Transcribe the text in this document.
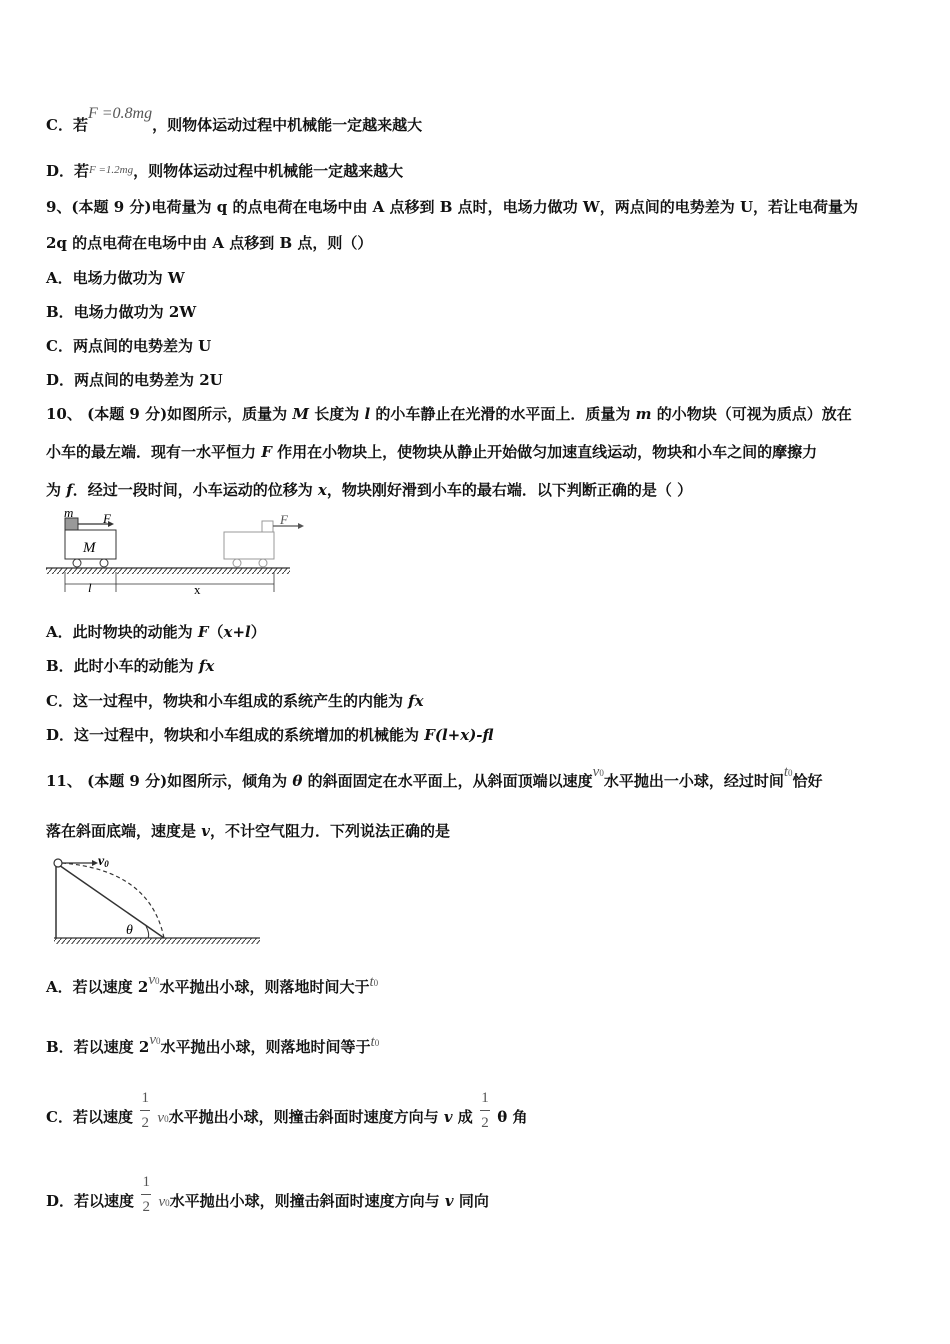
C．若F =0.8mg，则物体运动过程中机械能一定越来越大
D．若$^{F =1.2mg}$，则物体运动过程中机械能一定越来越大
9、(本题 9 分)电荷量为 q 的点电荷在电场中由 A 点移到 B 点时，电场力做功 W，两点间的电势差为 U，若让电荷量为
2q 的点电荷在电场中由 A 点移到 B 点，则（）
A．电场力做功为 W
B．电场力做功为 2W
C．两点间的电势差为 U
D．两点间的电势差为 2U
10、 (本题 9 分)如图所示，质量为 M 长度为 l 的小车静止在光滑的水平面上．质量为 m 的小物块（可视为质点）放在
小车的最左端．现有一水平恒力 F 作用在小物块上，使物块从静止开始做匀加速直线运动，物块和小车之间的摩擦力
为 f．经过一段时间，小车运动的位移为 x，物块刚好滑到小车的最右端．以下判断正确的是（ ）
m F
M
F
l	x
A．此时物块的动能为 F（x+l）
B．此时小车的动能为 fx
C．这一过程中，物块和小车组成的系统产生的内能为 fx
D．这一过程中，物块和小车组成的系统增加的机械能为 F(l+x)-fl
11、 (本题 9 分)如图所示，倾角为 θ 的斜面固定在水平面上，从斜面顶端以速度v0水平抛出一小球，经过时间t0恰好
落在斜面底端，速度是 v，不计空气阻力．下列说法正确的是
v0
θ
A．若以速度 2v0水平抛出小球，则落地时间大于t0
B．若以速度 2v0水平抛出小球，则落地时间等于t0
C．若以速度
$\frac{1}{2}$
v0水平抛出小球，则撞击斜面时速度方向与 v 成
$\frac{1}{2}$
θ 角
D．若以速度
$\frac{1}{2}$
v0水平抛出小球，则撞击斜面时速度方向与 v 同向
